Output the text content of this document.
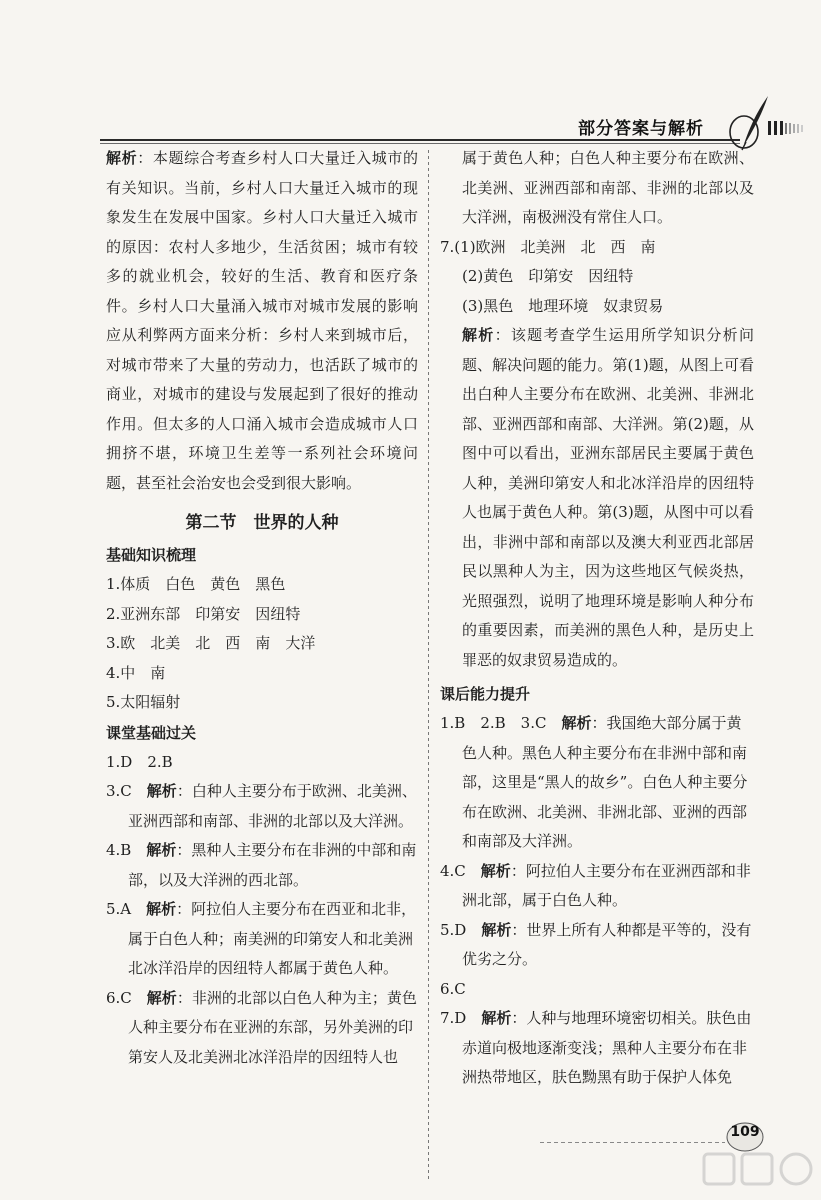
部分答案与解析

解析：本题综合考查乡村人口大量迁入城市的有关知识。当前，乡村人口大量迁入城市的现象发生在发展中国家。乡村人口大量迁入城市的原因：农村人多地少，生活贫困；城市有较多的就业机会，较好的生活、教育和医疗条件。乡村人口大量涌入城市对城市发展的影响应从利弊两方面来分析：乡村人来到城市后，对城市带来了大量的劳动力，也活跃了城市的商业，对城市的建设与发展起到了很好的推动作用。但太多的人口涌入城市会造成城市人口拥挤不堪，环境卫生差等一系列社会环境问题，甚至社会治安也会受到很大影响。

第二节　世界的人种
基础知识梳理

1.体质　白色　黄色　黑色

2.亚洲东部　印第安　因纽特

3.欧　北美　北　西　南　大洋

4.中　南

5.太阳辐射

课堂基础过关

1.D　2.B

3.C　解析：白种人主要分布于欧洲、北美洲、亚洲西部和南部、非洲的北部以及大洋洲。

4.B　解析：黑种人主要分布在非洲的中部和南部，以及大洋洲的西北部。

5.A　解析：阿拉伯人主要分布在西亚和北非，属于白色人种；南美洲的印第安人和北美洲北冰洋沿岸的因纽特人都属于黄色人种。

6.C　解析：非洲的北部以白色人种为主；黄色人种主要分布在亚洲的东部，另外美洲的印第安人及北美洲北冰洋沿岸的因纽特人也

属于黄色人种；白色人种主要分布在欧洲、北美洲、亚洲西部和南部、非洲的北部以及大洋洲，南极洲没有常住人口。

7.(1)欧洲　北美洲　北　西　南

(2)黄色　印第安　因纽特

(3)黑色　地理环境　奴隶贸易

解析：该题考查学生运用所学知识分析问题、解决问题的能力。第(1)题，从图上可看出白种人主要分布在欧洲、北美洲、非洲北部、亚洲西部和南部、大洋洲。第(2)题，从图中可以看出，亚洲东部居民主要属于黄色人种，美洲印第安人和北冰洋沿岸的因纽特人也属于黄色人种。第(3)题，从图中可以看出，非洲中部和南部以及澳大利亚西北部居民以黑种人为主，因为这些地区气候炎热，光照强烈，说明了地理环境是影响人种分布的重要因素，而美洲的黑色人种，是历史上罪恶的奴隶贸易造成的。

课后能力提升

1.B　2.B　3.C　解析：我国绝大部分属于黄色人种。黑色人种主要分布在非洲中部和南部，这里是“黑人的故乡”。白色人种主要分布在欧洲、北美洲、非洲北部、亚洲的西部和南部及大洋洲。

4.C　解析：阿拉伯人主要分布在亚洲西部和非洲北部，属于白色人种。

5.D　解析：世界上所有人种都是平等的，没有优劣之分。

6.C

7.D　解析：人种与地理环境密切相关。肤色由赤道向极地逐渐变浅；黑种人主要分布在非洲热带地区，肤色黝黑有助于保护人体免

109
